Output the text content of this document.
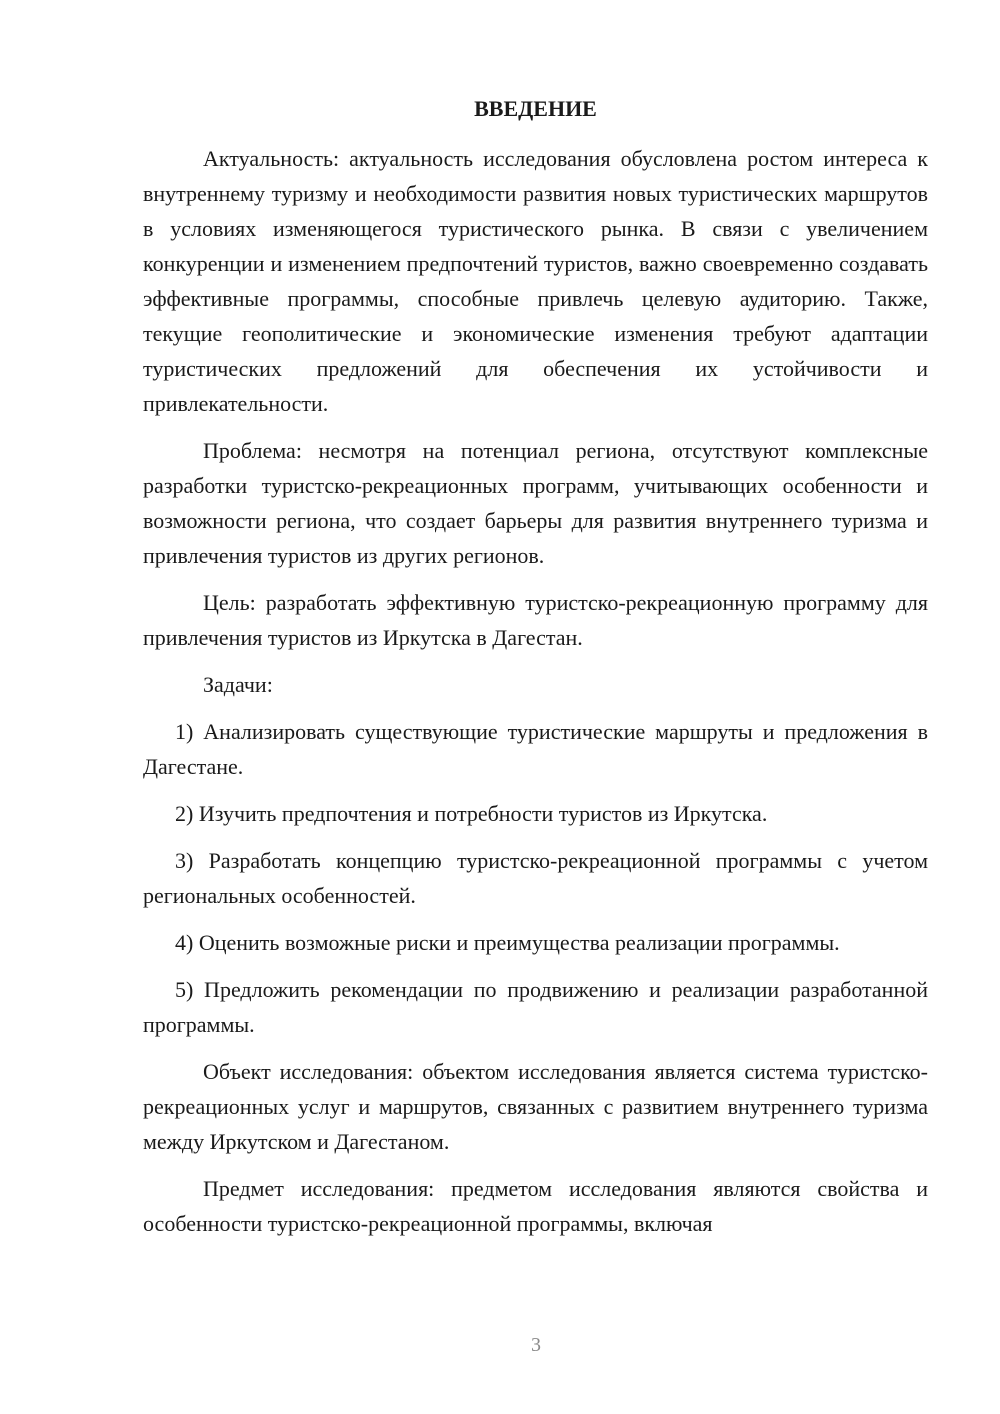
ВВЕДЕНИЕ

Актуальность: актуальность исследования обусловлена ростом интереса к внутреннему туризму и необходимости развития новых туристических маршрутов в условиях изменяющегося туристического рынка. В связи с увеличением конкуренции и изменением предпочтений туристов, важно своевременно создавать эффективные программы, способные привлечь целевую аудиторию. Также, текущие геополитические и экономические изменения требуют адаптации туристических предложений для обеспечения их устойчивости и привлекательности.

Проблема: несмотря на потенциал региона, отсутствуют комплексные разработки туристско-рекреационных программ, учитывающих особенности и возможности региона, что создает барьеры для развития внутреннего туризма и привлечения туристов из других регионов.

Цель: разработать эффективную туристско-рекреационную программу для привлечения туристов из Иркутска в Дагестан.

Задачи:

1) Анализировать существующие туристические маршруты и предложения в Дагестане.

2) Изучить предпочтения и потребности туристов из Иркутска.

3) Разработать концепцию туристско-рекреационной программы с учетом региональных особенностей.

4) Оценить возможные риски и преимущества реализации программы.

5) Предложить рекомендации по продвижению и реализации разработанной программы.

Объект исследования: объектом исследования является система туристско-рекреационных услуг и маршрутов, связанных с развитием внутреннего туризма между Иркутском и Дагестаном.

Предмет исследования: предметом исследования являются свойства и особенности туристско-рекреационной программы, включая

3
